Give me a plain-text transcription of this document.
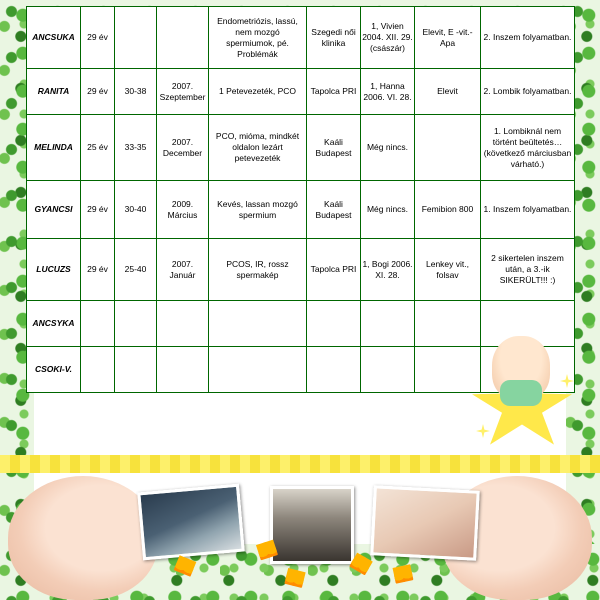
ANCSUKA	29 év			Endometriózis, lassú, nem mozgó spermiumok, pé. Problémák	Szegedi női klinika	1, Vivien 2004. XII. 29. (császár)	Elevit, E -vit.-Apa	2. Inszem folyamatban.
RANITA	29 év	30-38	2007. Szeptember	1 Petevezeték, PCO	Tapolca PRI	1, Hanna 2006. VI. 28.	Elevit	2. Lombik folyamatban.
MELINDA	25 év	33-35	2007. December	PCO, mióma, mindkét oldalon lezárt petevezeték	Kaáli Budapest	Még nincs.		1. Lombiknál nem történt beültetés… (következő márciusban várható.)
GYANCSI	29 év	30-40	2009. Március	Kevés, lassan mozgó spermium	Kaáli Budapest	Még nincs.	Femibion 800	1. Inszem folyamatban.
LUCUZS	29 év	25-40	2007. Január	PCOS, IR, rossz spermakép	Tapolca PRI	1, Bogi 2006. XI. 28.	Lenkey vit., folsav	2 sikertelen inszem után, a 3.-ik SIKERÜLT!!! :)
ANCSYKA								
CSOKI-V.								
